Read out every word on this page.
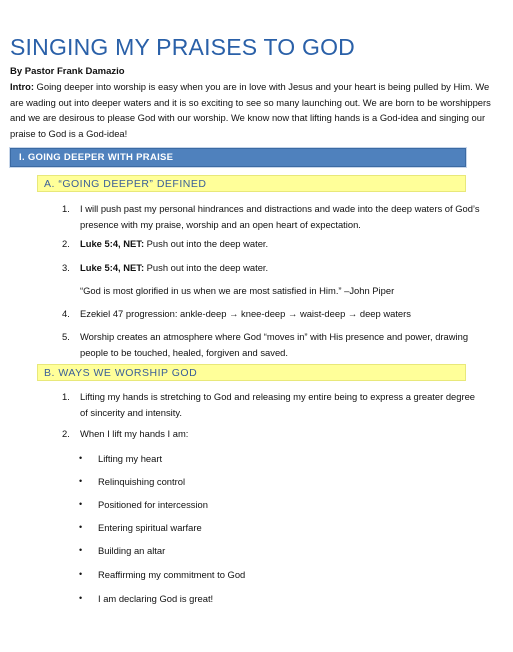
SINGING MY PRAISES TO GOD
By Pastor Frank Damazio

Intro: Going deeper into worship is easy when you are in love with Jesus and your heart is being pulled by Him. We are wading out into deeper waters and it is so exciting to see so many launching out. We are born to be worshippers and we are desirous to please God with our worship. We know now that lifting hands is a God-idea and singing our praise to God is a God-idea!

I. GOING DEEPER WITH PRAISE
A. “GOING DEEPER” DEFINED
1.	I will push past my personal hindrances and distractions and wade into the deep waters of God’s presence with my praise, worship and an open heart of expectation.
2.	Luke 5:4, NET: Push out into the deep water.
3.	Luke 5:4, NET: Push out into the deep water.
“God is most glorified in us when we are most satisfied in Him.” –John Piper
4.	Ezekiel 47 progression: ankle-deep → knee-deep → waist-deep → deep waters
5.	Worship creates an atmosphere where God “moves in” with His presence and power, drawing people to be touched, healed, forgiven and saved.
B. WAYS WE WORSHIP GOD
1.	Lifting my hands is stretching to God and releasing my entire being to express a greater degree of sincerity and intensity.
2.	When I lift my hands I am:
• Lifting my heart
• Relinquishing control
• Positioned for intercession
• Entering spiritual warfare
• Building an altar
• Reaffirming my commitment to God
• I am declaring God is great!
